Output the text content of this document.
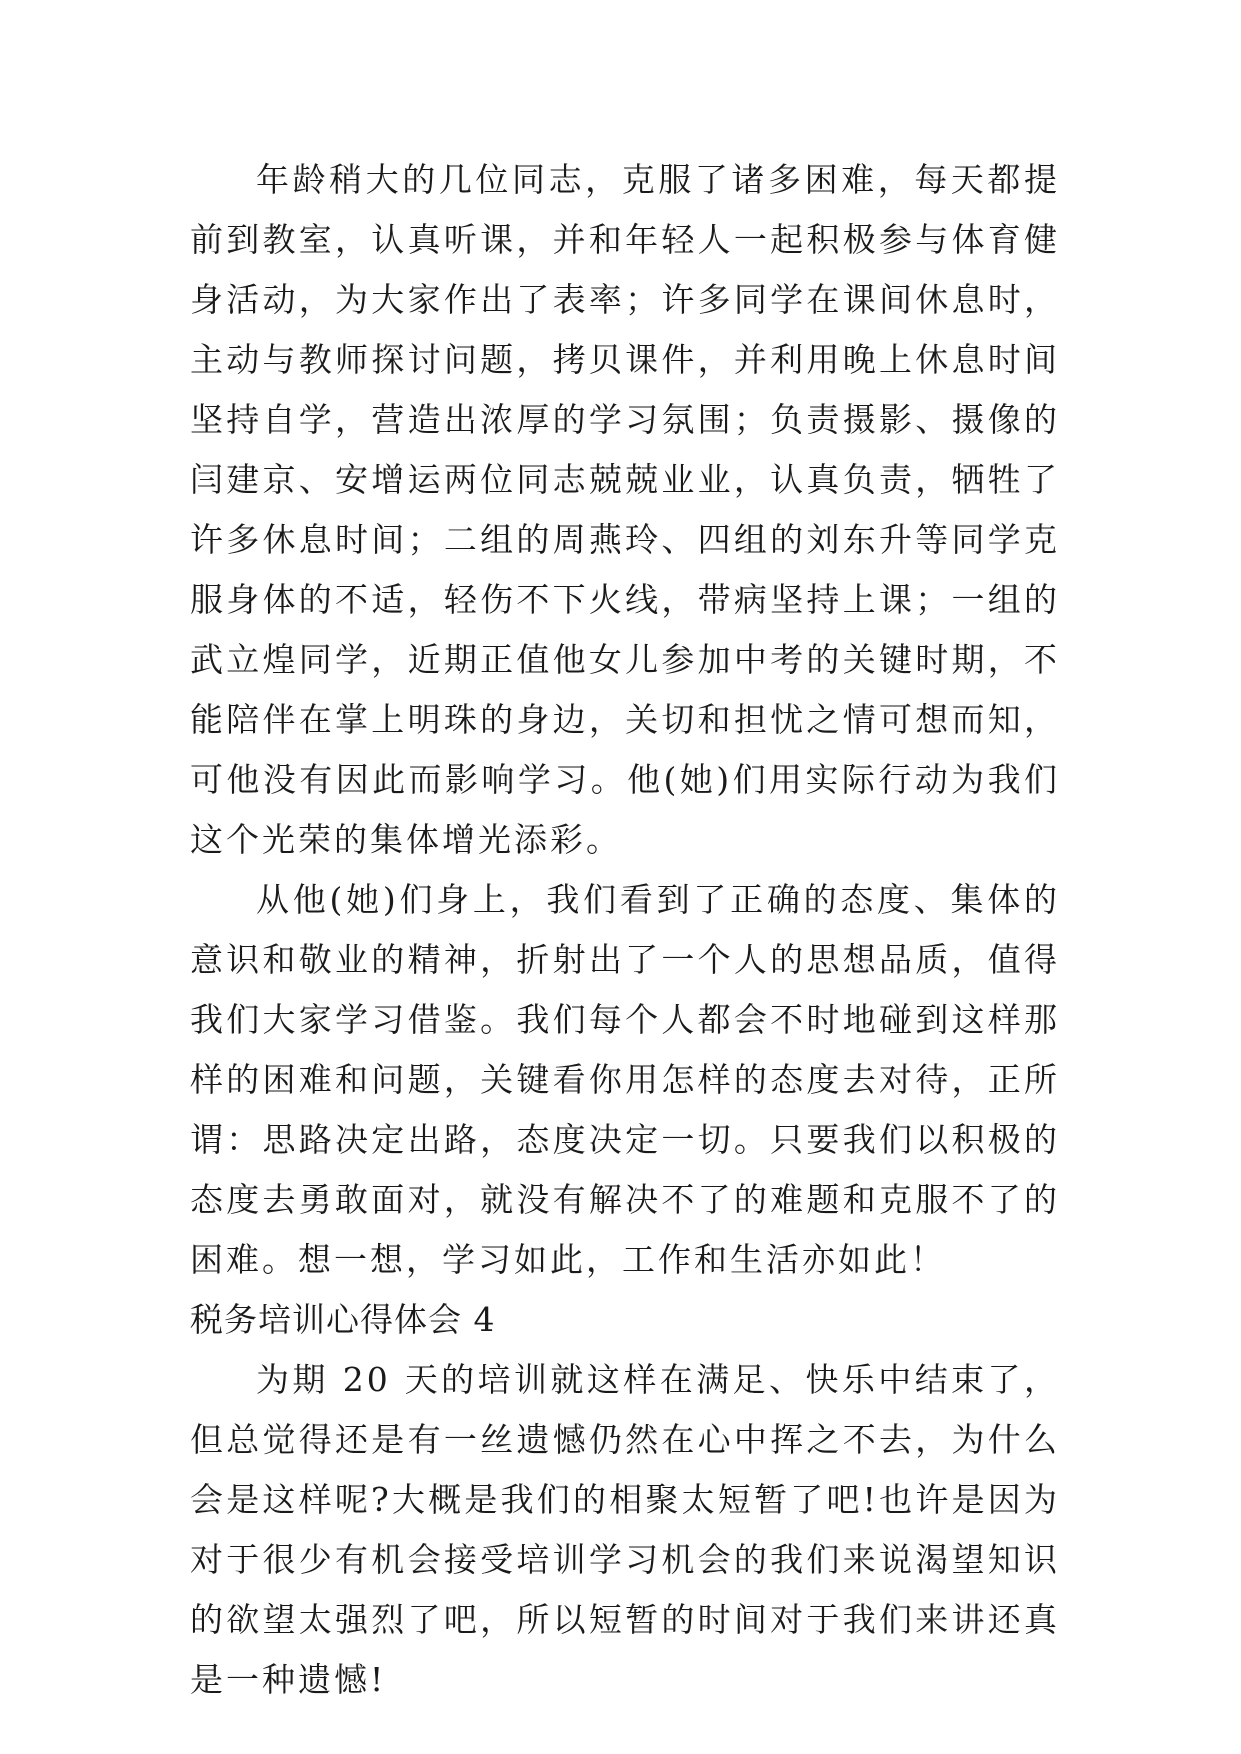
年龄稍大的几位同志，克服了诸多困难，每天都提前到教室，认真听课，并和年轻人一起积极参与体育健身活动，为大家作出了表率；许多同学在课间休息时，主动与教师探讨问题，拷贝课件，并利用晚上休息时间坚持自学，营造出浓厚的学习氛围；负责摄影、摄像的闫建京、安增运两位同志兢兢业业，认真负责，牺牲了许多休息时间；二组的周燕玲、四组的刘东升等同学克服身体的不适，轻伤不下火线，带病坚持上课；一组的武立煌同学，近期正值他女儿参加中考的关键时期，不能陪伴在掌上明珠的身边，关切和担忧之情可想而知，可他没有因此而影响学习。他(她)们用实际行动为我们这个光荣的集体增光添彩。

从他(她)们身上，我们看到了正确的态度、集体的意识和敬业的精神，折射出了一个人的思想品质，值得我们大家学习借鉴。我们每个人都会不时地碰到这样那样的困难和问题，关键看你用怎样的态度去对待，正所谓：思路决定出路，态度决定一切。只要我们以积极的态度去勇敢面对，就没有解决不了的难题和克服不了的困难。想一想，学习如此，工作和生活亦如此！

税务培训心得体会 4

为期 20 天的培训就这样在满足、快乐中结束了，但总觉得还是有一丝遗憾仍然在心中挥之不去，为什么会是这样呢?大概是我们的相聚太短暂了吧!也许是因为对于很少有机会接受培训学习机会的我们来说渴望知识的欲望太强烈了吧，所以短暂的时间对于我们来讲还真是一种遗憾!
